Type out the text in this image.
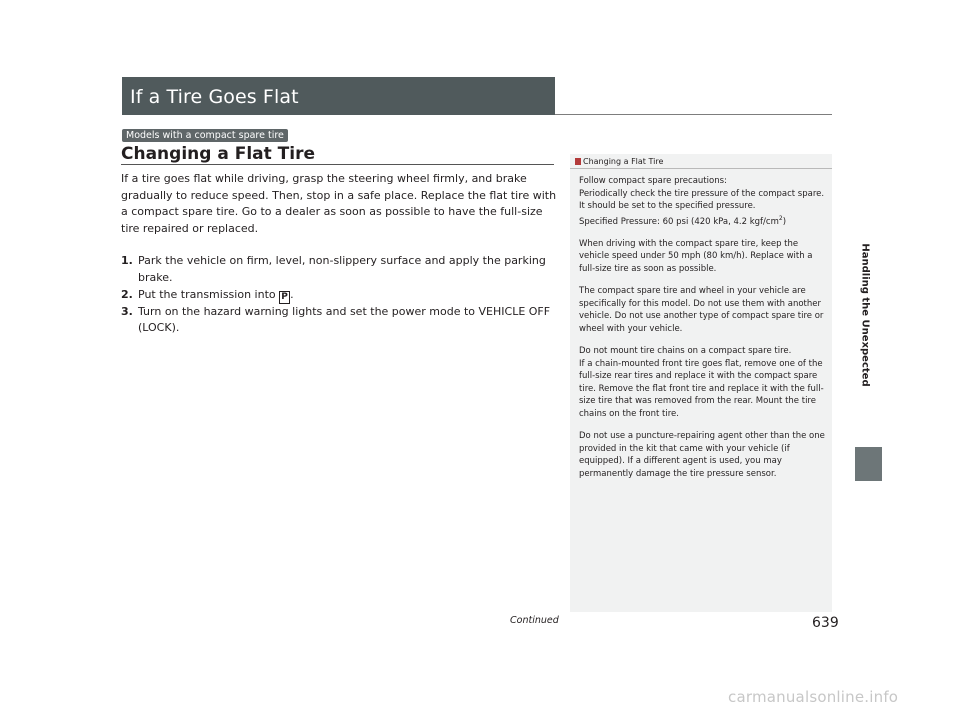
If a Tire Goes Flat
Models with a compact spare tire
Changing a Flat Tire

If a tire goes flat while driving, grasp the steering wheel firmly, and brake gradually to reduce speed. Then, stop in a safe place. Replace the flat tire with a compact spare tire. Go to a dealer as soon as possible to have the full-size tire repaired or replaced.

1. Park the vehicle on firm, level, non-slippery surface and apply the parking brake.
2. Put the transmission into P .
3. Turn on the hazard warning lights and set the power mode to VEHICLE OFF (LOCK).
Changing a Flat Tire

Follow compact spare precautions:

Periodically check the tire pressure of the compact spare. It should be set to the specified pressure.

Specified Pressure: 60 psi (420 kPa, 4.2 kgf/$cm^2$)

When driving with the compact spare tire, keep the vehicle speed under 50 mph (80 km/h). Replace with a full-size tire as soon as possible.

The compact spare tire and wheel in your vehicle are specifically for this model. Do not use them with another vehicle. Do not use another type of compact spare tire or wheel with your vehicle.

Do not mount tire chains on a compact spare tire.

If a chain-mounted front tire goes flat, remove one of the full-size rear tires and replace it with the compact spare tire. Remove the flat front tire and replace it with the full-size tire that was removed from the rear. Mount the tire chains on the front tire.

Do not use a puncture-repairing agent other than the one provided in the kit that came with your vehicle (if equipped). If a different agent is used, you may permanently damage the tire pressure sensor.

Handling the Unexpected
Continued	639
carmanualsonline.info
